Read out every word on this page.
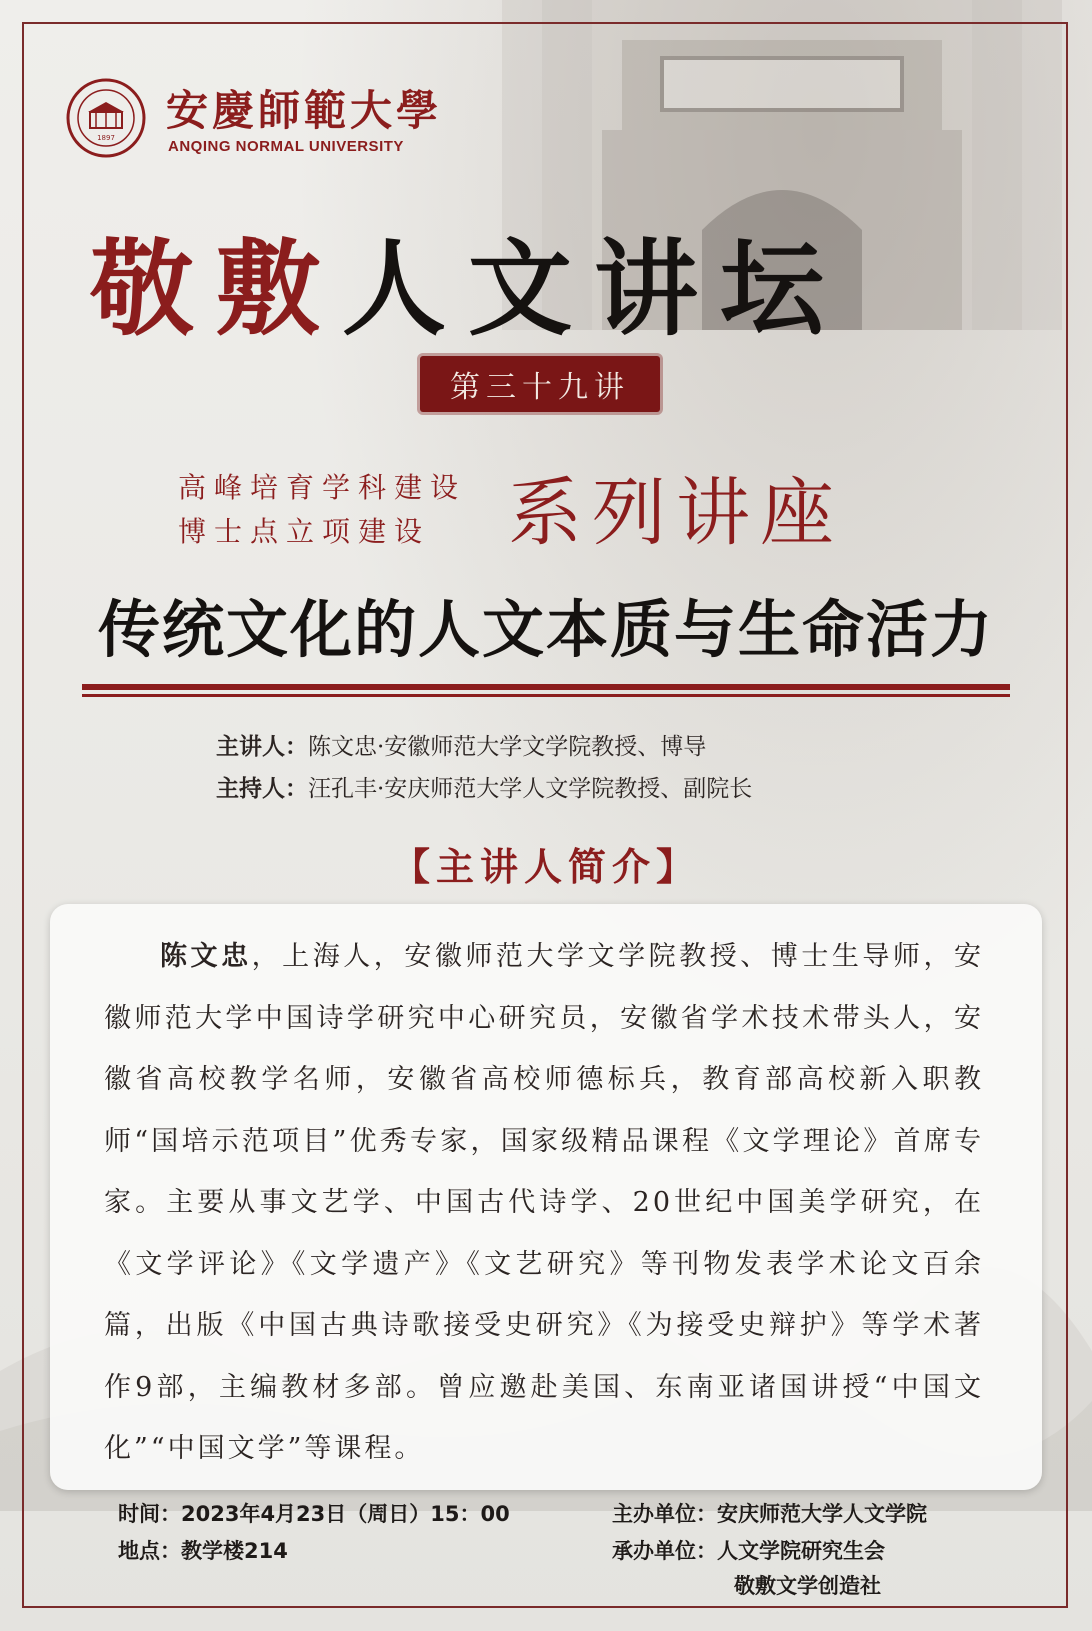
1897
安慶師範大學
ANQING NORMAL UNIVERSITY
敬敷人文讲坛
第三十九讲
高峰培育学科建设
博士点立项建设	系列讲座
传统文化的人文本质与生命活力
主讲人：陈文忠·安徽师范大学文学院教授、博导
主持人：汪孔丰·安庆师范大学人文学院教授、副院长
【主讲人简介】
陈文忠，上海人，安徽师范大学文学院教授、博士生导师，安徽师范大学中国诗学研究中心研究员，安徽省学术技术带头人，安徽省高校教学名师，安徽省高校师德标兵，教育部高校新入职教师“国培示范项目”优秀专家，国家级精品课程《文学理论》首席专家。主要从事文艺学、中国古代诗学、20世纪中国美学研究，在《文学评论》《文学遗产》《文艺研究》等刊物发表学术论文百余篇，出版《中国古典诗歌接受史研究》《为接受史辩护》等学术著作9部，主编教材多部。曾应邀赴美国、东南亚诸国讲授“中国文化”“中国文学”等课程。
时间：2023年4月23日（周日）15：00
地点：教学楼214
主办单位：安庆师范大学人文学院
承办单位：人文学院研究生会
敬敷文学创造社
